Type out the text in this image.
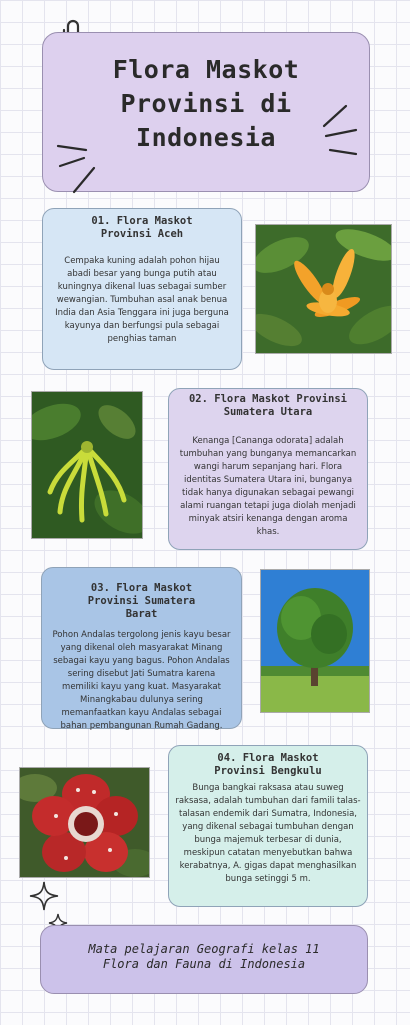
Flora Maskot Provinsi di Indonesia
01. Flora Maskot Provinsi Aceh

Cempaka kuning adalah pohon hijau abadi besar yang bunga putih atau kuningnya dikenal luas sebagai sumber wewangian. Tumbuhan asal anak benua India dan Asia Tenggara ini juga berguna kayunya dan berfungsi pula sebagai penghias taman

02. Flora Maskot Provinsi Sumatera Utara

Kenanga [Cananga odorata] adalah tumbuhan yang bunganya memancarkan wangi harum sepanjang hari. Flora identitas Sumatera Utara ini, bunganya tidak hanya digunakan sebagai pewangi alami ruangan tetapi juga diolah menjadi minyak atsiri kenanga dengan aroma khas.

03. Flora Maskot Provinsi Sumatera Barat

Pohon Andalas tergolong jenis kayu besar yang dikenal oleh masyarakat Minang sebagai kayu yang bagus. Pohon Andalas sering disebut Jati Sumatra karena memiliki kayu yang kuat. Masyarakat Minangkabau dulunya sering memanfaatkan kayu Andalas sebagai bahan pembangunan Rumah Gadang.

04. Flora Maskot Provinsi Bengkulu

Bunga bangkai raksasa atau suweg raksasa, adalah tumbuhan dari famili talas-talasan endemik dari Sumatra, Indonesia, yang dikenal sebagai tumbuhan dengan bunga majemuk terbesar di dunia, meskipun catatan menyebutkan bahwa kerabatnya, A. gigas dapat menghasilkan bunga setinggi 5 m.

Mata pelajaran Geografi kelas 11
Flora dan Fauna di Indonesia
